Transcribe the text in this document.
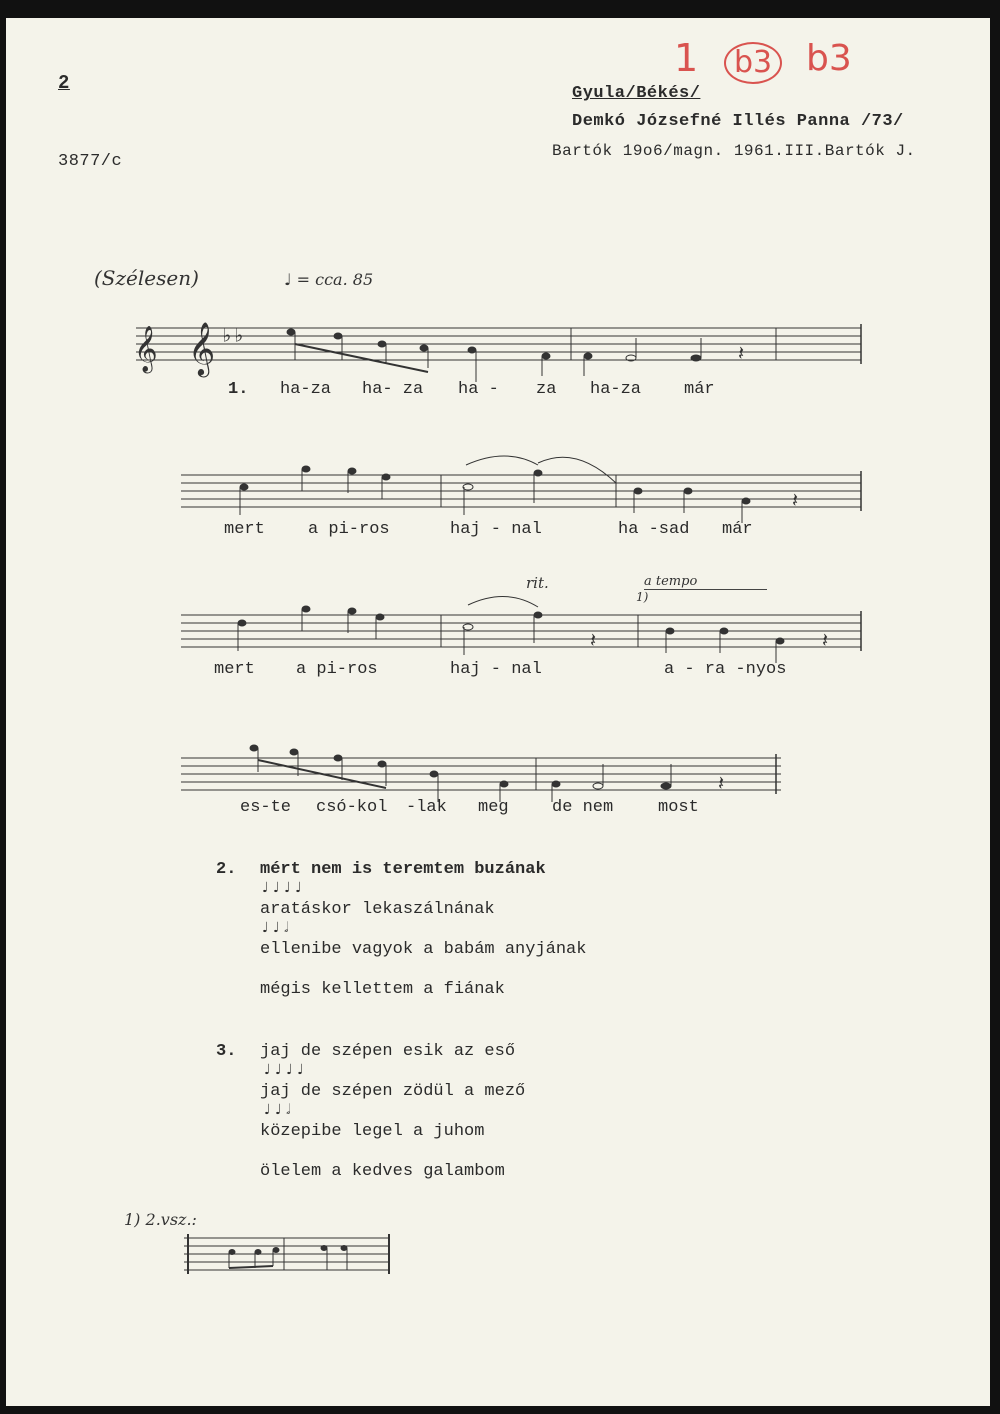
2
3877/c
1	b3 b3
Gyula/Békés/
Demkó Józsefné Illés Panna /73/
Bartók 19o6/magn. 1961.III.Bartók J.
(Szélesen)	♩ = cca. 85
𝄞 𝄞 ♭♭
𝄽
1. ha-za ha- za ha - za ha-za	már
𝄽
mert	a pi-ros	haj - nal	ha -sad már
rit.
1)
a tempo
𝄽	𝄽
mert a pi-ros	haj - nal	a - ra -nyos
𝄽
es-te csó-kol -lak meg	de nem	most
2. mért nem is teremtem buzának
♩ ♩ ♩ ♩
aratáskor lekaszálnának
♩ ♩ 𝅗𝅥
ellenibe vagyok a babám anyjának
mégis kellettem a fiának
3. jaj de szépen esik az eső
♩ ♩ ♩ ♩
jaj de szépen zödül a mező
♩ ♩ 𝅗𝅥
közepibe legel a juhom
ölelem a kedves galambom
1) 2.vsz.:
